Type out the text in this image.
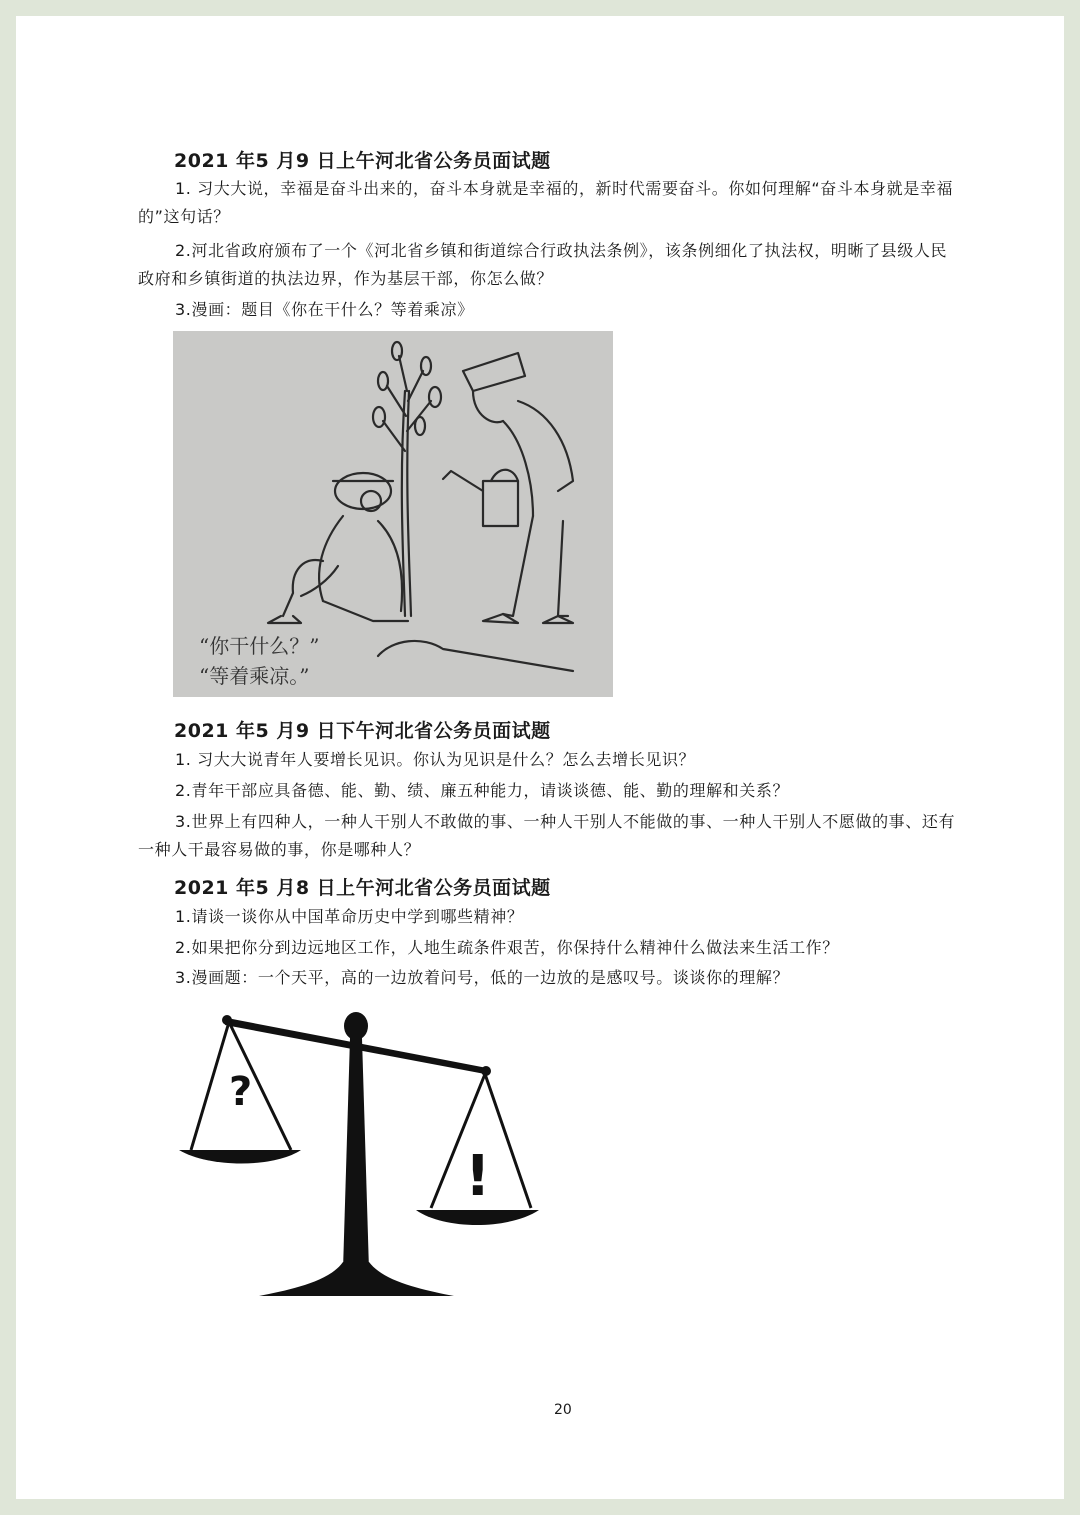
2021 年5 月9 日上午河北省公务员面试题
1. 习大大说，幸福是奋斗出来的，奋斗本身就是幸福的，新时代需要奋斗。你如何理解“奋斗本身就是幸福的”这句话？
2.河北省政府颁布了一个《河北省乡镇和街道综合行政执法条例》，该条例细化了执法权，明晰了县级人民政府和乡镇街道的执法边界，作为基层干部，你怎么做？
3.漫画：题目《你在干什么？等着乘凉》
“你干什么？”
“等着乘凉。”
2021 年5 月9 日下午河北省公务员面试题
1. 习大大说青年人要增长见识。你认为见识是什么？怎么去增长见识？
2.青年干部应具备德、能、勤、绩、廉五种能力，请谈谈德、能、勤的理解和关系？
3.世界上有四种人，一种人干别人不敢做的事、一种人干别人不能做的事、一种人干别人不愿做的事、还有一种人干最容易做的事，你是哪种人？
2021 年5 月8 日上午河北省公务员面试题
1.请谈一谈你从中国革命历史中学到哪些精神？
2.如果把你分到边远地区工作，人地生疏条件艰苦，你保持什么精神什么做法来生活工作？
3.漫画题：一个天平，高的一边放着问号，低的一边放的是感叹号。谈谈你的理解？
?
!
20
